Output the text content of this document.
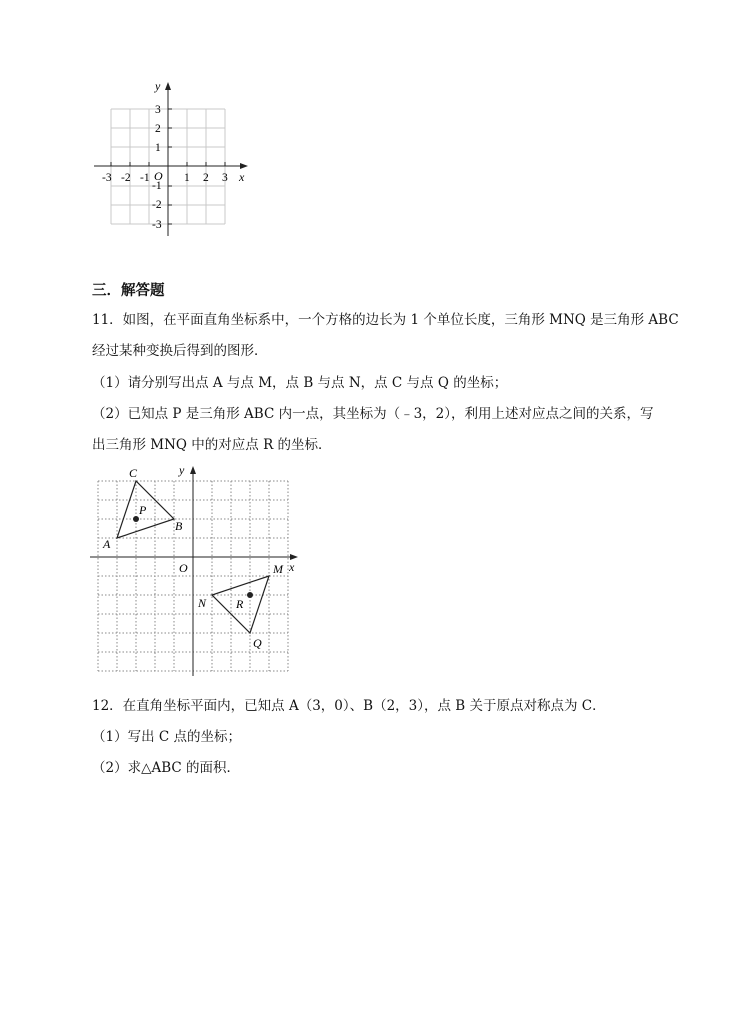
y
x
O
-3 -2 -1	1 2 3
3
2
1
-1
-2
-3
三．解答题
11．如图，在平面直角坐标系中，一个方格的边长为 1 个单位长度，三角形 MNQ 是三角形 ABC
经过某种变换后得到的图形．
（1）请分别写出点 A 与点 M，点 B 与点 N，点 C 与点 Q 的坐标；
（2）已知点 P 是三角形 ABC 内一点，其坐标为（﹣3，2），利用上述对应点之间的关系，写
出三角形 MNQ 中的对应点 R 的坐标．
y
x
O
A
B
C
P
M
N
Q
R
12．在直角坐标平面内，已知点 A（3，0）、B（2，3），点 B 关于原点对称点为 C．
（1）写出 C 点的坐标；
（2）求△ABC 的面积．
